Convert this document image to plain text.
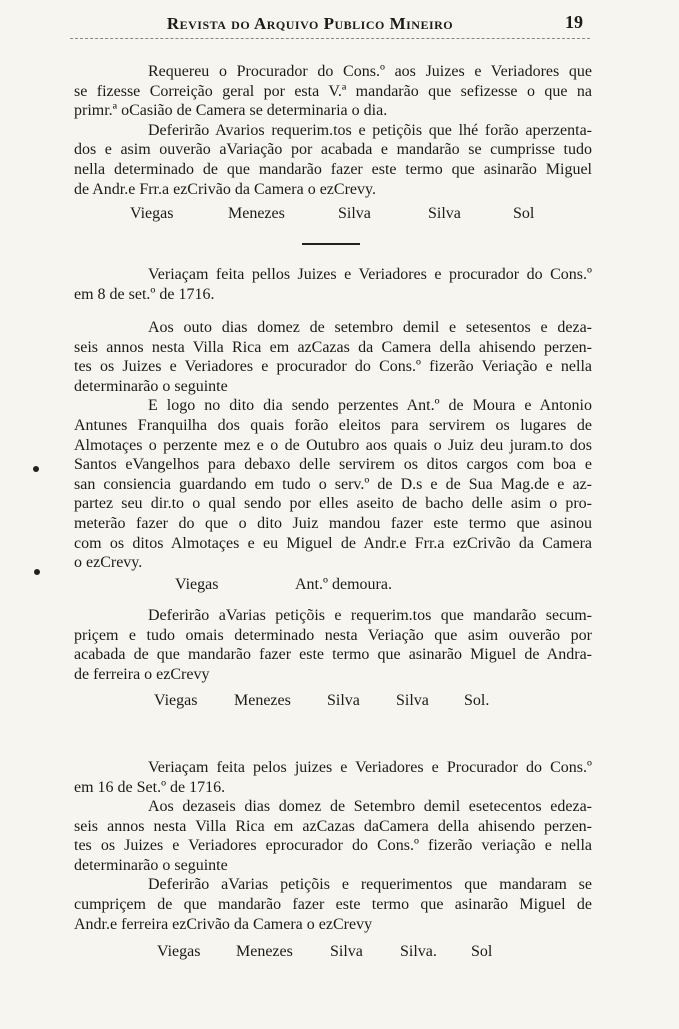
Revista do Arquivo Publico Mineiro	19
Requereu o Procurador do Cons.º aos Juizes e Veriadores que
se fizesse Correição geral por esta V.ª mandarão que sefizesse o que na
primr.ª oCasião de Camera se determinaria o dia.
Deferirão Avarios requerim.tos e petiçõis que lhé forão aperzenta-
dos e asim ouverão aVariação por acabada e mandarão se cumprisse tudo
nella determinado de que mandarão fazer este termo que asinarão Miguel
de Andr.e Frr.a ezCrivão da Camera o ezCrevy.
Viegas	Menezes	Silva	Silva	Sol
Veriaçam feita pellos Juizes e Veriadores e procurador do Cons.º
em 8 de set.º de 1716.
Aos outo dias domez de setembro demil e setesentos e deza-
seis annos nesta Villa Rica em azCazas da Camera della ahisendo perzen-
tes os Juizes e Veriadores e procurador do Cons.º fizerão Veriação e nella
determinarão o seguinte
E logo no dito dia sendo perzentes Ant.º de Moura e Antonio
Antunes Franquilha dos quais forão eleitos para servirem os lugares de
Almotaçes o perzente mez e o de Outubro aos quais o Juiz deu juram.to dos
Santos eVangelhos para debaxo delle servirem os ditos cargos com boa e
san consiencia guardando em tudo o serv.º de D.s e de Sua Mag.de e az-
partez seu dir.to o qual sendo por elles aseito de bacho delle asim o pro-
meterão fazer do que o dito Juiz mandou fazer este termo que asinou
com os ditos Almotaçes e eu Miguel de Andr.e Frr.a ezCrivão da Camera
o ezCrevy.
Viegas	Ant.º demoura.
Deferirão aVarias petiçõis e requerim.tos que mandarão secum-
priçem e tudo omais determinado nesta Veriação que asim ouverão por
acabada de que mandarão fazer este termo que asinarão Miguel de Andra-
de ferreira o ezCrevy
Viegas Menezes Silva Silva Sol.
Veriaçam feita pelos juizes e Veriadores e Procurador do Cons.º
em 16 de Set.º de 1716.
Aos dezaseis dias domez de Setembro demil esetecentos edeza-
seis annos nesta Villa Rica em azCazas daCamera della ahisendo perzen-
tes os Juizes e Veriadores eprocurador do Cons.º fizerão veriação e nella
determinarão o seguinte
Deferirão aVarias petiçõis e requerimentos que mandaram se
cumpriçem de que mandarão fazer este termo que asinarão Miguel de
Andr.e ferreira ezCrivão da Camera o ezCrevy
Viegas Menezes Silva Silva. Sol
